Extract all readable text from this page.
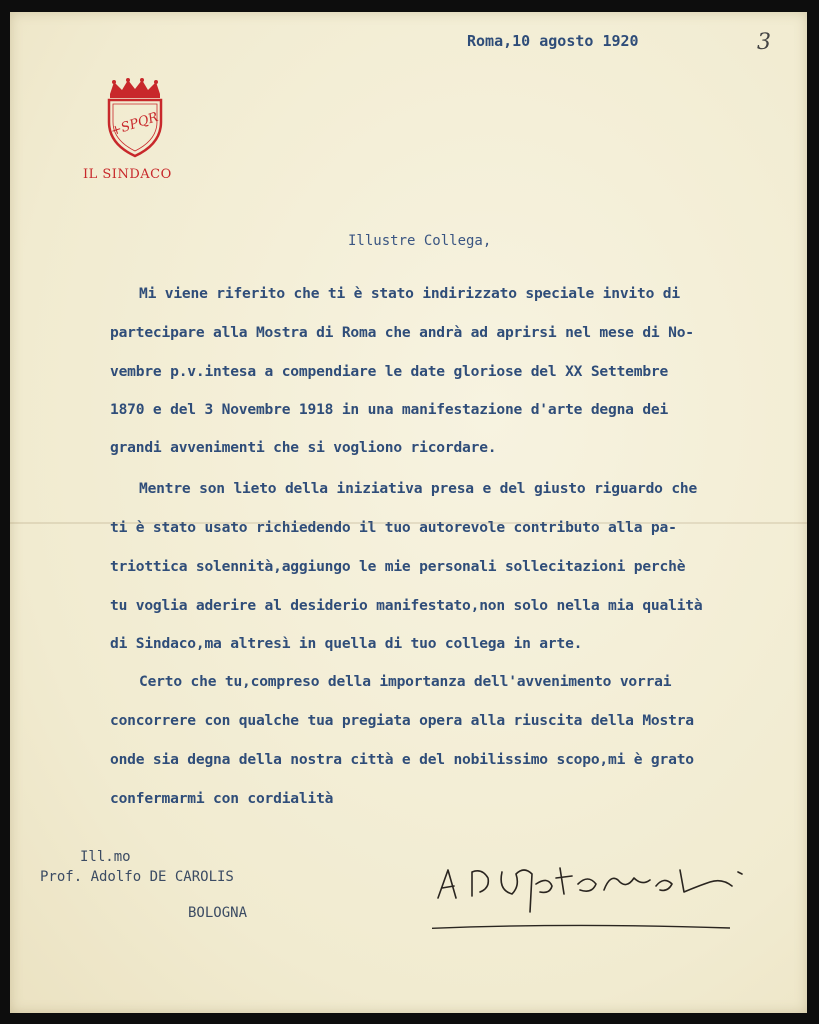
Roma,10 agosto 1920	3
+SPQR
IL SINDACO
Illustre Collega,
Mi viene riferito che ti è stato indirizzato speciale invito di
partecipare alla Mostra di Roma che andrà ad aprirsi nel mese di No-
vembre p.v.intesa a compendiare le date gloriose del XX Settembre
1870 e del 3 Novembre 1918 in una manifestazione d'arte degna dei
grandi avvenimenti che si vogliono ricordare.
Mentre son lieto della iniziativa presa e del giusto riguardo che
ti è stato usato richiedendo il tuo autorevole contributo alla pa-
triottica solennità,aggiungo le mie personali sollecitazioni perchè
tu voglia aderire al desiderio manifestato,non solo nella mia qualità
di Sindaco,ma altresì in quella di tuo collega in arte.
Certo che tu,compreso della importanza dell'avvenimento vorrai
concorrere con qualche tua pregiata opera alla riuscita della Mostra
onde sia degna della nostra città e del nobilissimo scopo,mi è grato
confermarmi con cordialità
Ill.mo
Prof. Adolfo DE CAROLIS
BOLOGNA
